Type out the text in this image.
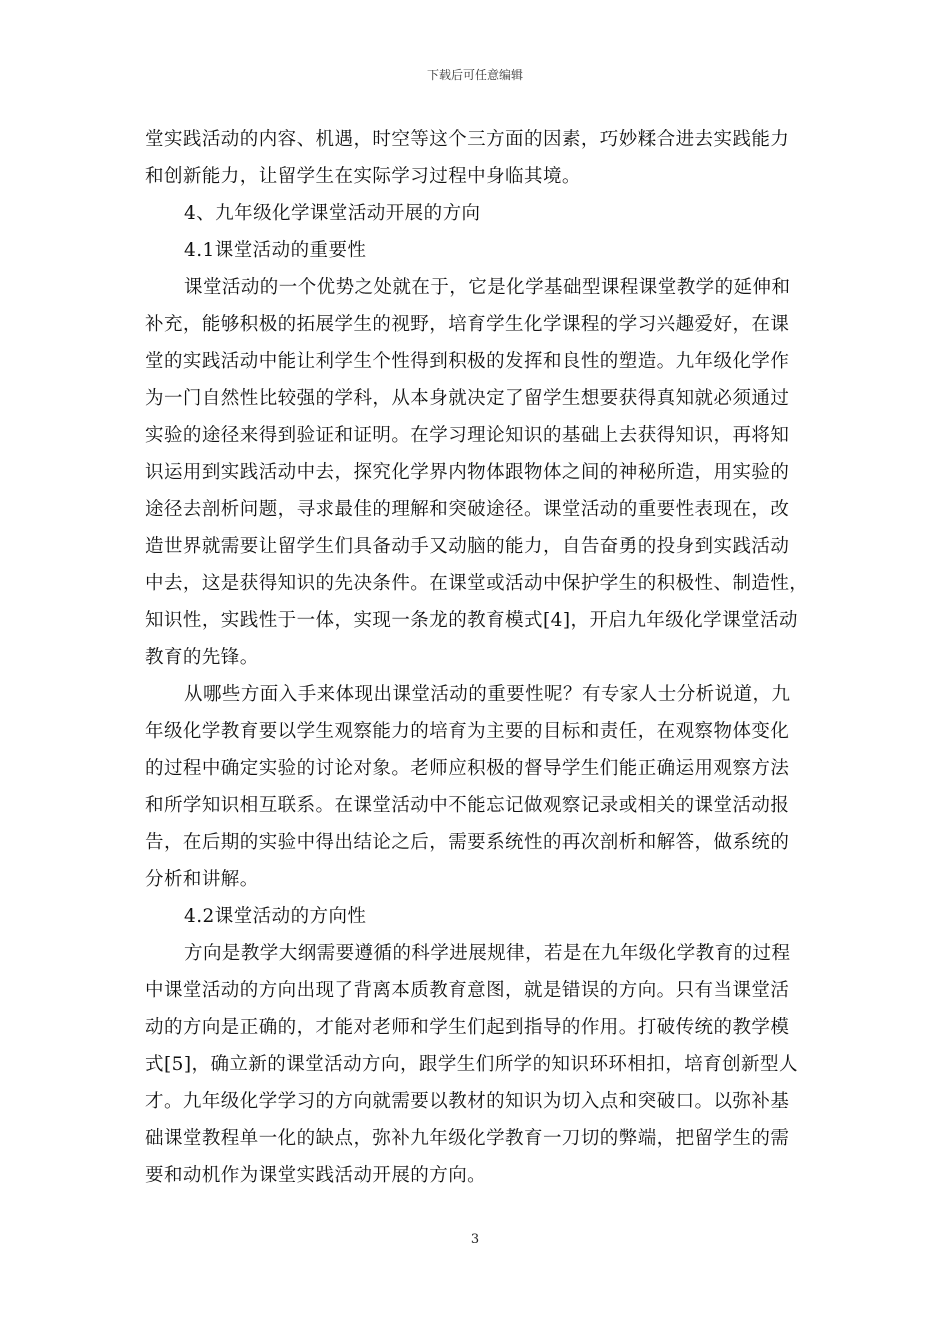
下载后可任意编辑
堂实践活动的内容、机遇，时空等这个三方面的因素，巧妙糅合进去实践能力
和创新能力，让留学生在实际学习过程中身临其境。
4、九年级化学课堂活动开展的方向
4.1课堂活动的重要性
课堂活动的一个优势之处就在于，它是化学基础型课程课堂教学的延伸和
补充，能够积极的拓展学生的视野，培育学生化学课程的学习兴趣爱好，在课
堂的实践活动中能让利学生个性得到积极的发挥和良性的塑造。九年级化学作
为一门自然性比较强的学科，从本身就决定了留学生想要获得真知就必须通过
实验的途径来得到验证和证明。在学习理论知识的基础上去获得知识，再将知
识运用到实践活动中去，探究化学界内物体跟物体之间的神秘所造，用实验的
途径去剖析问题，寻求最佳的理解和突破途径。课堂活动的重要性表现在，改
造世界就需要让留学生们具备动手又动脑的能力，自告奋勇的投身到实践活动
中去，这是获得知识的先决条件。在课堂或活动中保护学生的积极性、制造性，
知识性，实践性于一体，实现一条龙的教育模式[4]，开启九年级化学课堂活动
教育的先锋。
从哪些方面入手来体现出课堂活动的重要性呢？有专家人士分析说道，九
年级化学教育要以学生观察能力的培育为主要的目标和责任，在观察物体变化
的过程中确定实验的讨论对象。老师应积极的督导学生们能正确运用观察方法
和所学知识相互联系。在课堂活动中不能忘记做观察记录或相关的课堂活动报
告，在后期的实验中得出结论之后，需要系统性的再次剖析和解答，做系统的
分析和讲解。
4.2课堂活动的方向性
方向是教学大纲需要遵循的科学进展规律，若是在九年级化学教育的过程
中课堂活动的方向出现了背离本质教育意图，就是错误的方向。只有当课堂活
动的方向是正确的，才能对老师和学生们起到指导的作用。打破传统的教学模
式[5]，确立新的课堂活动方向，跟学生们所学的知识环环相扣，培育创新型人
才。九年级化学学习的方向就需要以教材的知识为切入点和突破口。以弥补基
础课堂教程单一化的缺点，弥补九年级化学教育一刀切的弊端，把留学生的需
要和动机作为课堂实践活动开展的方向。
3
